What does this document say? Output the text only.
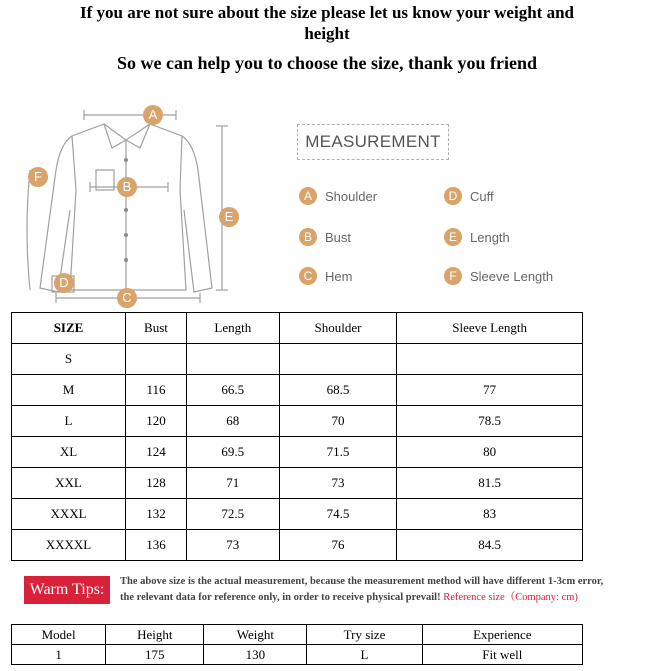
If you are not sure about the size please let us know your weight and height
So we can help you to choose the size, thank you friend
A
B
C
D
E
F
MEASUREMENT
A	Shoulder	D Cuff
B	Bust	E	Length
C Hem	F	Sleeve Length
SIZE	Bust	Length	Shoulder	Sleeve Length
S				
M	116	66.5	68.5	77
L	120	68	70	78.5
XL	124	69.5	71.5	80
XXL	128	71	73	81.5
XXXL	132	72.5	74.5	83
XXXXL	136	73	76	84.5
Warm Tips:	The above size is the actual measurement, because the measurement method will have different 1-3cm error,
the relevant data for reference only, in order to receive physical prevail! Reference size（Company: cm)
Model	Height	Weight	Try size	Experience
1	175	130	L	Fit well
